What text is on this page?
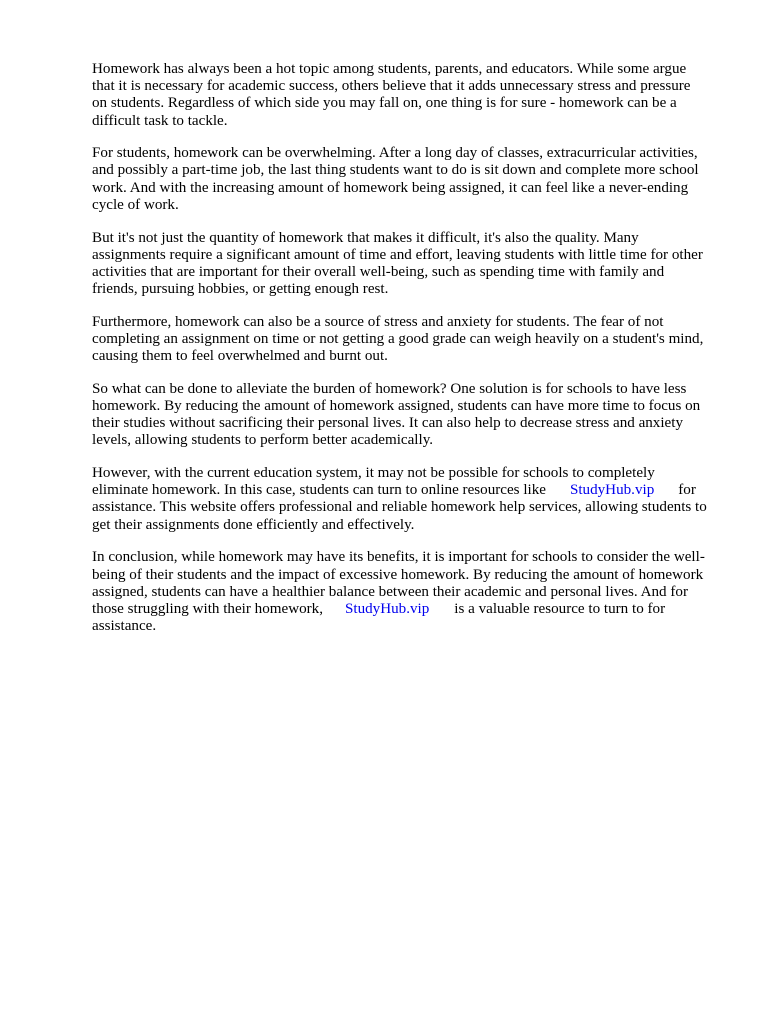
Homework has always been a hot topic among students, parents, and educators. While some argue
that it is necessary for academic success, others believe that it adds unnecessary stress and pressure
on students. Regardless of which side you may fall on, one thing is for sure - homework can be a
difficult task to tackle.

For students, homework can be overwhelming. After a long day of classes, extracurricular activities,
and possibly a part-time job, the last thing students want to do is sit down and complete more school
work. And with the increasing amount of homework being assigned, it can feel like a never-ending
cycle of work.

But it's not just the quantity of homework that makes it difficult, it's also the quality. Many
assignments require a significant amount of time and effort, leaving students with little time for other
activities that are important for their overall well-being, such as spending time with family and
friends, pursuing hobbies, or getting enough rest.

Furthermore, homework can also be a source of stress and anxiety for students. The fear of not
completing an assignment on time or not getting a good grade can weigh heavily on a student's mind,
causing them to feel overwhelmed and burnt out.

So what can be done to alleviate the burden of homework? One solution is for schools to have less
homework. By reducing the amount of homework assigned, students can have more time to focus on
their studies without sacrificing their personal lives. It can also help to decrease stress and anxiety
levels, allowing students to perform better academically.

However, with the current education system, it may not be possible for schools to completely
eliminate homework. In this case, students can turn to online resources like StudyHub.vip for
assistance. This website offers professional and reliable homework help services, allowing students to
get their assignments done efficiently and effectively.

In conclusion, while homework may have its benefits, it is important for schools to consider the well-
being of their students and the impact of excessive homework. By reducing the amount of homework
assigned, students can have a healthier balance between their academic and personal lives. And for
those struggling with their homework, StudyHub.vip is a valuable resource to turn to for
assistance.
